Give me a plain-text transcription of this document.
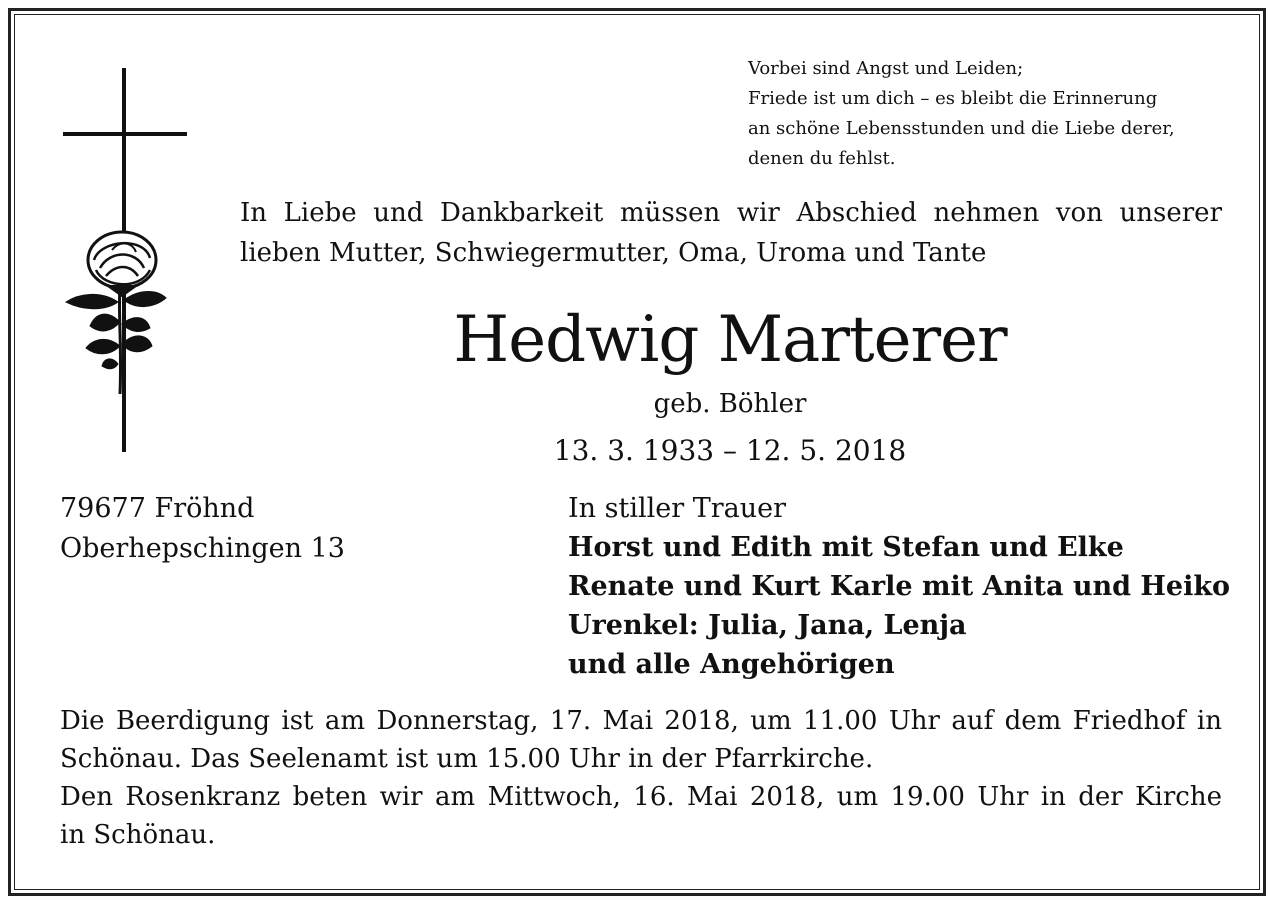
Vorbei sind Angst und Leiden;
Friede ist um dich – es bleibt die Erinnerung
an schöne Lebensstunden und die Liebe derer,
denen du fehlst.
In Liebe und Dankbarkeit müssen wir Abschied nehmen von unserer
lieben Mutter, Schwiegermutter, Oma, Uroma und Tante
Hedwig Marterer
geb. Böhler
13. 3. 1933 – 12. 5. 2018
79677 Fröhnd
Oberhepschingen 13
In stiller Trauer
Horst und Edith mit Stefan und Elke
Renate und Kurt Karle mit Anita und Heiko
Urenkel: Julia, Jana, Lenja
und alle Angehörigen
Die Beerdigung ist am Donnerstag, 17. Mai 2018, um 11.00 Uhr auf dem Friedhof in
Schönau. Das Seelenamt ist um 15.00 Uhr in der Pfarrkirche.
Den Rosenkranz beten wir am Mittwoch, 16. Mai 2018, um 19.00 Uhr in der Kirche
in Schönau.
